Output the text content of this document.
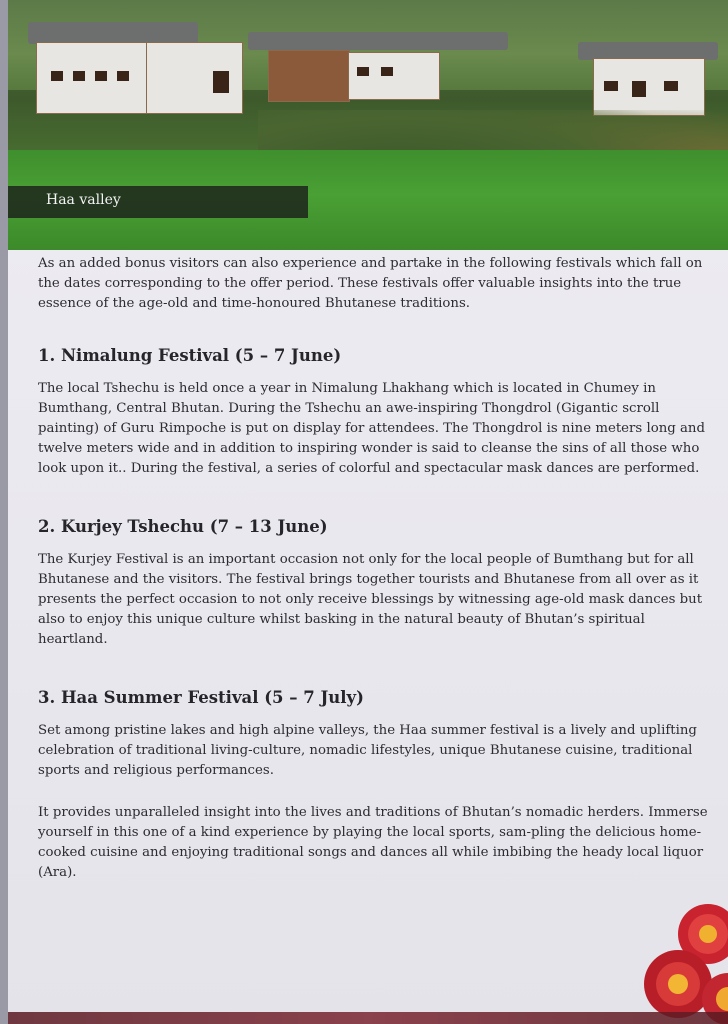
Haa valley

As an added bonus visitors can also experience and partake in the following festivals which fall on the dates corresponding to the offer period. These festivals offer valuable insights into the true essence of the age-old and time-honoured Bhutanese traditions.

1. Nimalung Festival (5 – 7 June)

The local Tshechu is held once a year in Nimalung Lhakhang which is located in Chumey in Bumthang, Central Bhutan. During the Tshechu an awe-inspiring Thongdrol (Gigantic scroll painting) of Guru Rimpoche is put on display for attendees. The Thongdrol is nine meters long and twelve meters wide and in addition to inspiring wonder is said to cleanse the sins of all those who look upon it.. During the festival, a series of colorful and spectacular mask dances are performed.

2. Kurjey Tshechu (7 – 13 June)

The Kurjey Festival is an important occasion not only for the local people of Bumthang but for all Bhutanese and the visitors. The festival brings together tourists and Bhutanese from all over as it presents the perfect occasion to not only receive blessings by witnessing age-old mask dances but also to enjoy this unique culture whilst basking in the natural beauty of Bhutan’s spiritual heartland.

3. Haa Summer Festival (5 – 7 July)

Set among pristine lakes and high alpine valleys, the Haa summer festival is a lively and uplifting celebration of traditional living-culture, nomadic lifestyles, unique Bhutanese cuisine, traditional sports and religious performances.

It provides unparalleled insight into the lives and traditions of Bhutan’s nomadic herders. Immerse yourself in this one of a kind experience by playing the local sports, sam-pling the delicious home-cooked cuisine and enjoying traditional songs and dances all while imbibing the heady local liquor (Ara).
